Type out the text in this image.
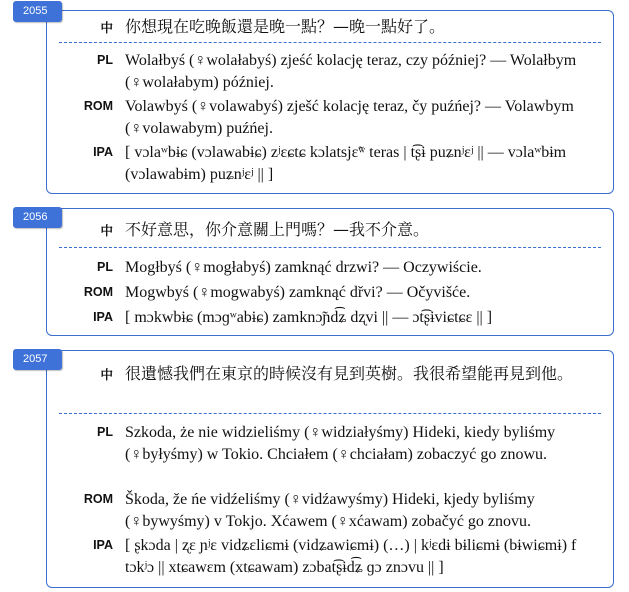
中 你想現在吃晚飯還是晚一點？—晚一點好了。
PL Wolałbyś (♀wolałabyś) zjeść kolację teraz, czy później? — Wolałbym (♀wolałabym) później.
ROM Volawbyś (♀volawabyś) zješć kolację teraz, čy puźńej? — Volawbym (♀volawabym) puźńej.
IPA [ vɔlaʷbɨɕ (vɔlawabɨɕ) zʲɛɕtɕ kɔlatsjɛ̃ʷ teras | t͡ʂɨ puʑnʲɛʲ || — vɔlaʷbɨm (vɔlawabɨm) puʑnʲɛʲ || ]
2055
中 不好意思，你介意關上門嗎？—我不介意。
PL Mogłbyś (♀mogłabyś) zamknąć drzwi? — Oczywiście.
ROM Mogwbyś (♀mogwabyś) zamknąć dřvi? — Očyvišće.
IPA [ mɔkwbɨɕ (mɔɡʷabɨɕ) zamknɔ̃ɲd͡ʑ dʐvi || — ɔt͡ʂɨviɕtɕɛ || ]
2056
中 很遺憾我們在東京的時候沒有見到英樹。我很希望能再見到他。
PL Szkoda, że nie widzieliśmy (♀widziałyśmy) Hideki, kiedy byliśmy (♀byłyśmy) w Tokio. Chciałem (♀chciałam) zobaczyć go znowu.
ROM Škoda, že ńe vidźeliśmy (♀vidźawyśmy) Hideki, kjedy byliśmy (♀bywyśmy) v Tokjo. Xćawem (♀xćawam) zobačyć go znovu.
IPA [ ʂkɔda | ʐɛ ɲʲɛ vidʑɛliɕmɨ (vidʑawiɕmɨ) (…) | kʲɛdɨ bɨliɕmɨ (bɨwiɕmɨ) f tɔkʲɔ || xtɕawɛm (xtɕawam) zɔbat͡ʂɨd͡ʑ ɡɔ znɔvu || ]
2057
